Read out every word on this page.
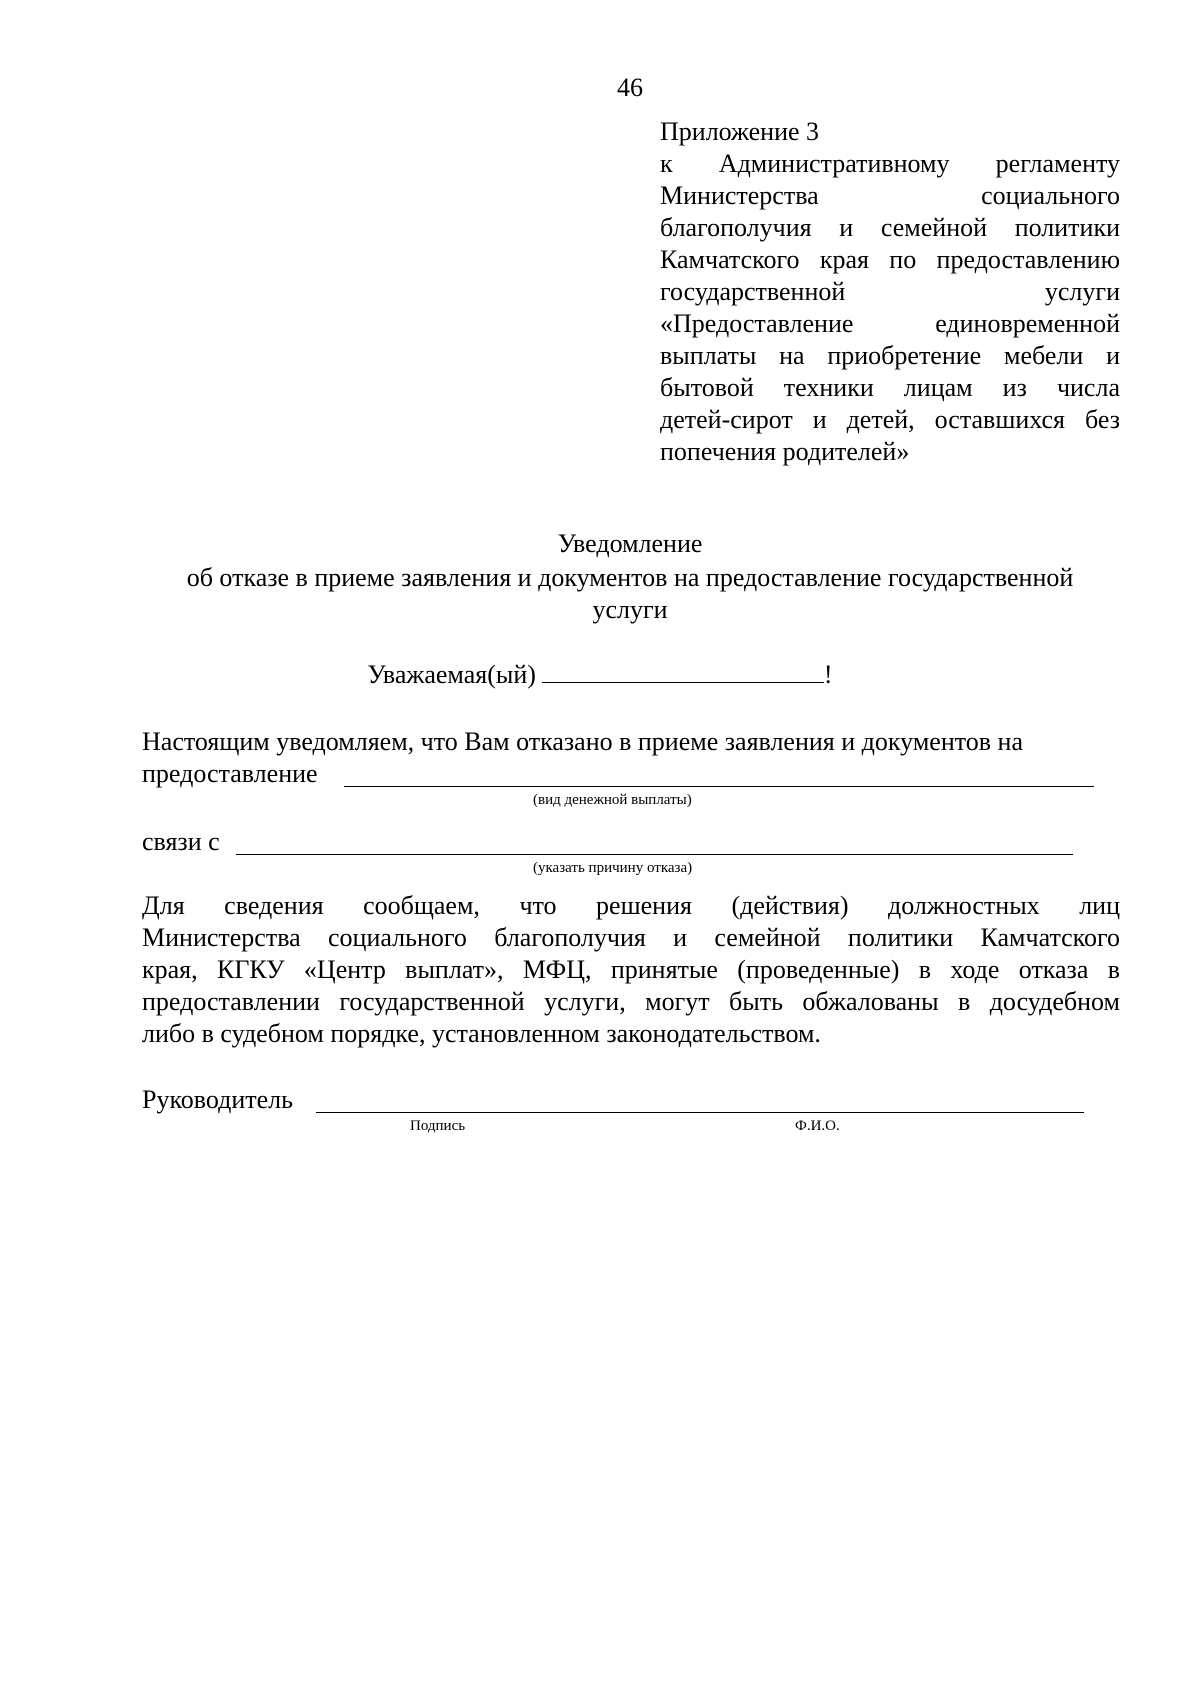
46
Приложение 3
к Административному регламенту
Министерства социального
благополучия и семейной политики
Камчатского края по предоставлению
государственной услуги
«Предоставление единовременной
выплаты на приобретение мебели и
бытовой техники лицам из числа
детей-сирот и детей, оставшихся без
попечения родителей»
Уведомление
об отказе в приеме заявления и документов на предоставление государственной
услуги
Уважаемая(ый)	!
Настоящим уведомляем, что Вам отказано в приеме заявления и документов на
предоставление
(вид денежной выплаты)
связи с
(указать причину отказа)
Для сведения сообщаем, что решения (действия) должностных лиц
Министерства социального благополучия и семейной политики Камчатского
края, КГКУ «Центр выплат», МФЦ, принятые (проведенные) в ходе отказа в
предоставлении государственной услуги, могут быть обжалованы в досудебном
либо в судебном порядке, установленном законодательством.
Руководитель
Подпись	Ф.И.О.
